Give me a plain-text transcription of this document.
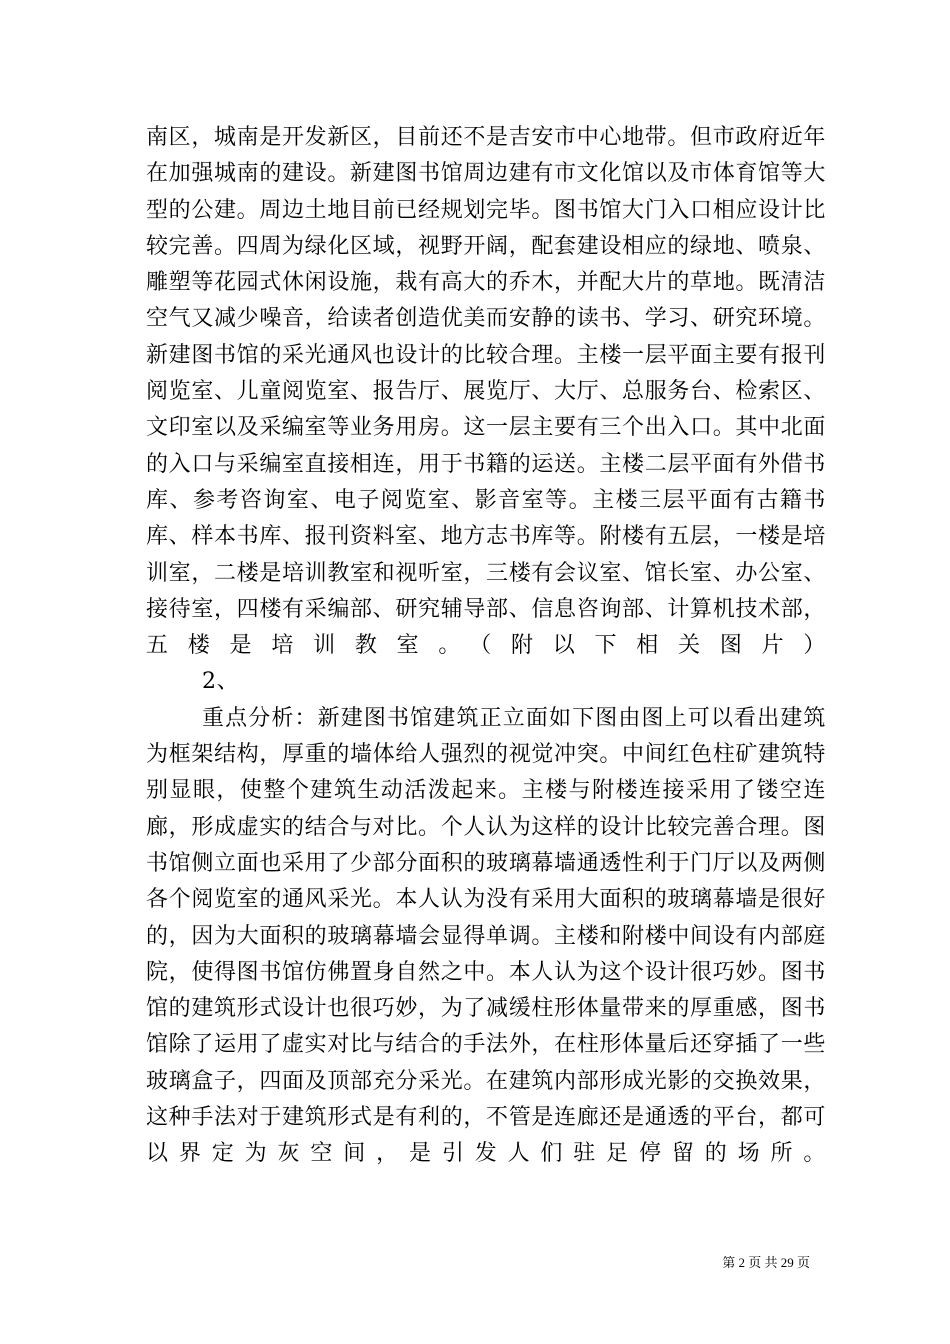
南区，城南是开发新区，目前还不是吉安市中心地带。但市政府近年在加强城南的建设。新建图书馆周边建有市文化馆以及市体育馆等大型的公建。周边土地目前已经规划完毕。图书馆大门入口相应设计比较完善。四周为绿化区域，视野开阔，配套建设相应的绿地、喷泉、雕塑等花园式休闲设施，栽有高大的乔木，并配大片的草地。既清洁空气又减少噪音，给读者创造优美而安静的读书、学习、研究环境。新建图书馆的采光通风也设计的比较合理。主楼一层平面主要有报刊阅览室、儿童阅览室、报告厅、展览厅、大厅、总服务台、检索区、文印室以及采编室等业务用房。这一层主要有三个出入口。其中北面的入口与采编室直接相连，用于书籍的运送。主楼二层平面有外借书库、参考咨询室、电子阅览室、影音室等。主楼三层平面有古籍书库、样本书库、报刊资料室、地方志书库等。附楼有五层，一楼是培训室，二楼是培训教室和视听室，三楼有会议室、馆长室、办公室、接待室，四楼有采编部、研究辅导部、信息咨询部、计算机技术部，五楼是培训教室。（附以下相关图片）

2、

重点分析：新建图书馆建筑正立面如下图由图上可以看出建筑为框架结构，厚重的墙体给人强烈的视觉冲突。中间红色柱矿建筑特别显眼，使整个建筑生动活泼起来。主楼与附楼连接采用了镂空连廊，形成虚实的结合与对比。个人认为这样的设计比较完善合理。图书馆侧立面也采用了少部分面积的玻璃幕墙通透性利于门厅以及两侧各个阅览室的通风采光。本人认为没有采用大面积的玻璃幕墙是很好的，因为大面积的玻璃幕墙会显得单调。主楼和附楼中间设有内部庭院，使得图书馆仿佛置身自然之中。本人认为这个设计很巧妙。图书馆的建筑形式设计也很巧妙，为了减缓柱形体量带来的厚重感，图书馆除了运用了虚实对比与结合的手法外，在柱形体量后还穿插了一些玻璃盒子，四面及顶部充分采光。在建筑内部形成光影的交换效果，这种手法对于建筑形式是有利的，不管是连廊还是通透的平台，都可以界定为灰空间，是引发人们驻足停留的场所。

第 2 页 共 29 页
